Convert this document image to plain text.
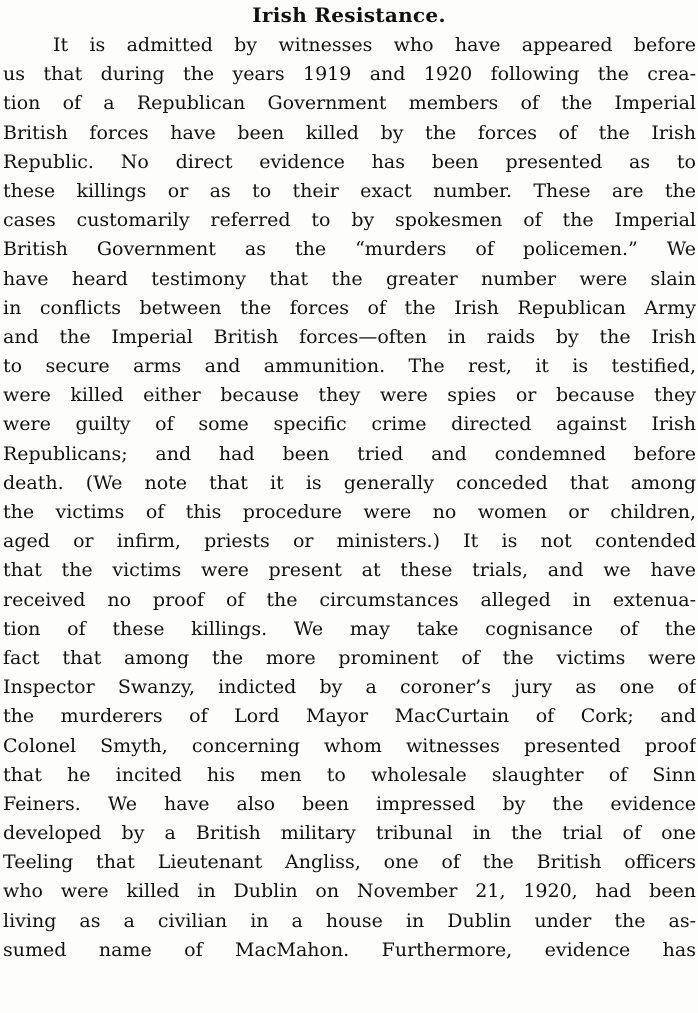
Irish Resistance.
It is admitted by witnesses who have appeared before
us that during the years 1919 and 1920 following the crea-
tion of a Republican Government members of the Imperial
British forces have been killed by the forces of the Irish
Republic. No direct evidence has been presented as to
these killings or as to their exact number. These are the
cases customarily referred to by spokesmen of the Imperial
British Government as the “murders of policemen.” We
have heard testimony that the greater number were slain
in conflicts between the forces of the Irish Republican Army
and the Imperial British forces—often in raids by the Irish
to secure arms and ammunition. The rest, it is testified,
were killed either because they were spies or because they
were guilty of some specific crime directed against Irish
Republicans; and had been tried and condemned before
death. (We note that it is generally conceded that among
the victims of this procedure were no women or children,
aged or infirm, priests or ministers.) It is not contended
that the victims were present at these trials, and we have
received no proof of the circumstances alleged in extenua-
tion of these killings. We may take cognisance of the
fact that among the more prominent of the victims were
Inspector Swanzy, indicted by a coroner’s jury as one of
the murderers of Lord Mayor MacCurtain of Cork; and
Colonel Smyth, concerning whom witnesses presented proof
that he incited his men to wholesale slaughter of Sinn
Feiners. We have also been impressed by the evidence
developed by a British military tribunal in the trial of one
Teeling that Lieutenant Angliss, one of the British officers
who were killed in Dublin on November 21, 1920, had been
living as a civilian in a house in Dublin under the as-
sumed name of MacMahon. Furthermore, evidence has
